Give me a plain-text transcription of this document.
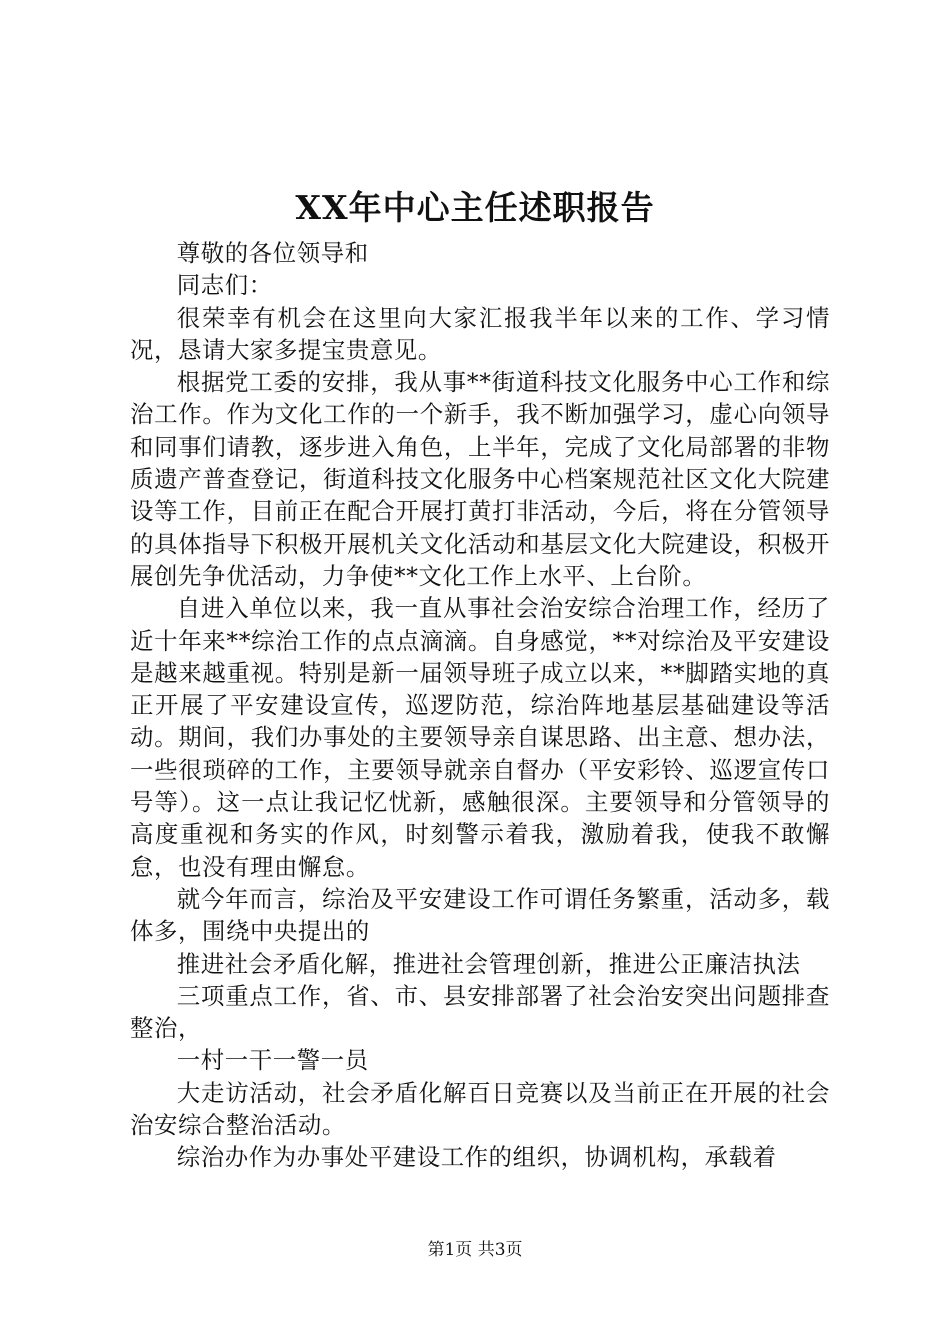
XX年中心主任述职报告

尊敬的各位领导和

同志们：

很荣幸有机会在这里向大家汇报我半年以来的工作、学习情况，恳请大家多提宝贵意见。

根据党工委的安排，我从事**街道科技文化服务中心工作和综治工作。作为文化工作的一个新手，我不断加强学习，虚心向领导和同事们请教，逐步进入角色，上半年，完成了文化局部署的非物质遗产普查登记，街道科技文化服务中心档案规范社区文化大院建设等工作，目前正在配合开展打黄打非活动，今后，将在分管领导的具体指导下积极开展机关文化活动和基层文化大院建设，积极开展创先争优活动，力争使**文化工作上水平、上台阶。

自进入单位以来，我一直从事社会治安综合治理工作，经历了近十年来**综治工作的点点滴滴。自身感觉，**对综治及平安建设是越来越重视。特别是新一届领导班子成立以来，**脚踏实地的真正开展了平安建设宣传，巡逻防范，综治阵地基层基础建设等活动。期间，我们办事处的主要领导亲自谋思路、出主意、想办法，一些很琐碎的工作，主要领导就亲自督办（平安彩铃、巡逻宣传口号等）。这一点让我记忆忧新，感触很深。主要领导和分管领导的高度重视和务实的作风，时刻警示着我，激励着我，使我不敢懈怠，也没有理由懈怠。

就今年而言，综治及平安建设工作可谓任务繁重，活动多，载体多，围绕中央提出的

推进社会矛盾化解，推进社会管理创新，推进公正廉洁执法

三项重点工作，省、市、县安排部署了社会治安突出问题排查整治，

一村一干一警一员

大走访活动，社会矛盾化解百日竞赛以及当前正在开展的社会治安综合整治活动。

综治办作为办事处平建设工作的组织，协调机构，承载着

第1页 共3页
